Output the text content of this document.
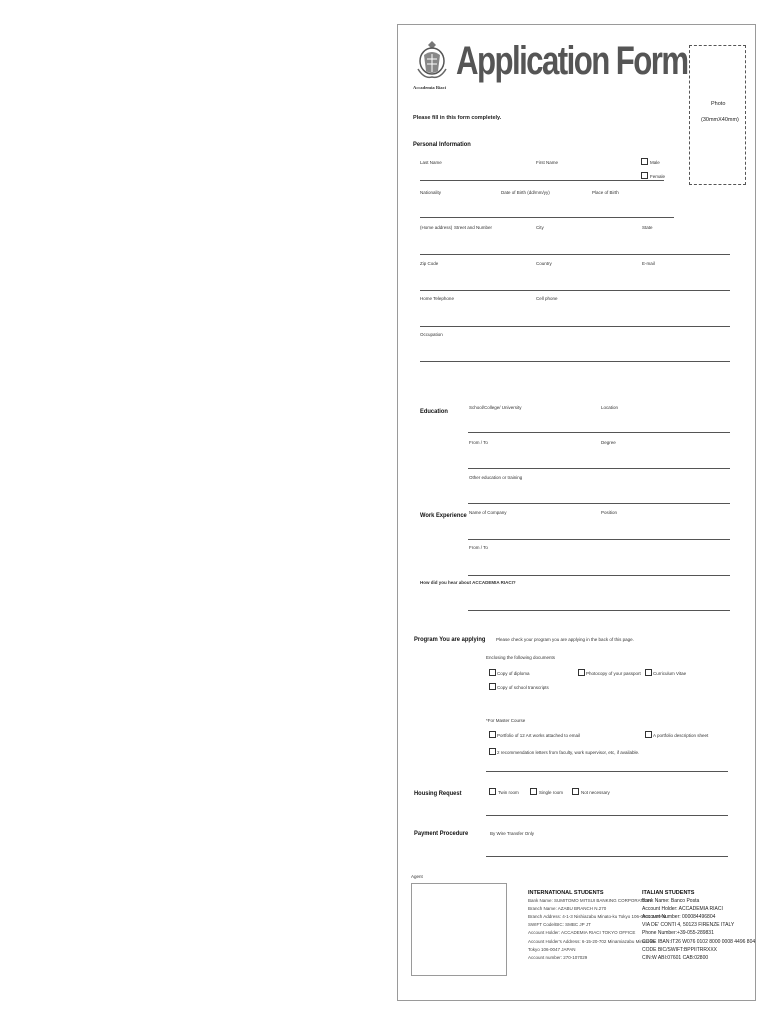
Accademia Riaci
Application Form
Please fill in this form completely.
Photo
(30mmX40mm)
Personal Information
Last Name	First Name	Male
Female
Nationality	Date of Birth (dd/mm/yy)	Place of Birth
(Home address) Street and Number	City	State
Zip Code	Country	E-mail
Home Telephone	Cell phone
Occupation
Education
School/College/ University	Location
From / To	Degree
Other education or training
Work Experience Name of Company	Position
From / To
How did you hear about ACCADEMIA RIACI?
Program You are applying Please check your program you are applying in the back of this page.
Enclosing the following documents
Copy of diploma	Photocopy of your passport	Curriculum Vitae
Copy of school transcripts
*For Master Course
Portfolio of 12 Art works attached to email	A portfolio description sheet
2 recommendation letters from faculty, work supervisor, etc, if available.
Housing Request	Twin room	Single room	Not necessary
Payment Procedure	By Wire Transfer Only
Agent
INTERNATIONAL STUDENTS
Bank Name: SUMITOMO MITSUI BANKING CORPORATION
Branch Name: AZABU BRANCH N.270
Branch Address: 4-1-3 Nishiazabu Minato-ku Tokyo 106-0031 JAPAN
SWIFT Code/BIC: SMBC JP JT
Account Holder: ACCADEMIA RIACI TOKYO OFFICE
Account Holder's Address: 6-15-20-702 Minamiazabu Minato-ku
Tokyo 106-0047 JAPAN
Account number: 270-107029
ITALIAN STUDENTS
Bank Name: Banco Posta
Account Holder: ACCADEMIA RIACI
Account Number: 000084496804
VIA DE' CONTI 4, 50123 FIRENZE ITALY
Phone Number:+39-055-289831
CODE IBAN:IT26 W076 0102 8000 0008 4496 804
CODE BIC/SWIFT:BPPIITRRXXX
CIN:W ABI:07601 CAB:02800
